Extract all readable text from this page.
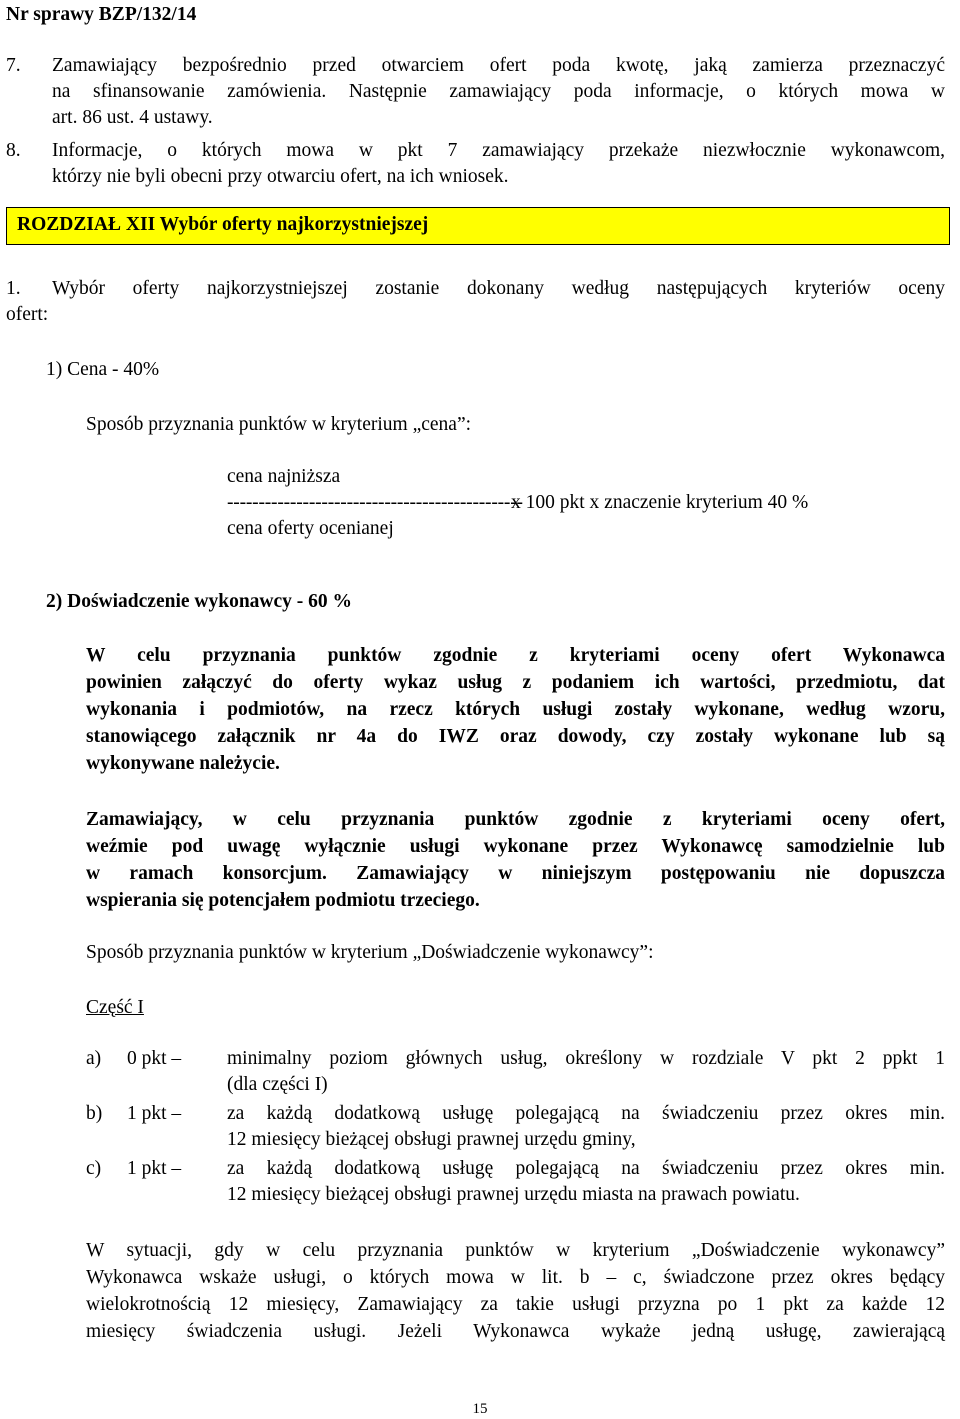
Nr sprawy BZP/132/14
7. Zamawiający bezpośrednio przed otwarciem ofert poda kwotę, jaką zamierza przeznaczyć
na sfinansowanie zamówienia. Następnie zamawiający poda informacje, o których mowa w
art. 86 ust. 4 ustawy.
8. Informacje, o których mowa w pkt 7 zamawiający przekaże niezwłocznie wykonawcom,
którzy nie byli obecni przy otwarciu ofert, na ich wniosek.
ROZDZIAŁ XII Wybór oferty najkorzystniejszej
1. Wybór oferty najkorzystniejszej zostanie dokonany według następujących kryteriów oceny
ofert:
1) Cena - 40%
Sposób przyznania punktów w kryterium „cena”:
cena najniższa
-----------------------------------------------
x 100 pkt x znaczenie kryterium 40 %
cena oferty ocenianej
2) Doświadczenie wykonawcy - 60 %
W celu przyznania punktów zgodnie z kryteriami oceny ofert Wykonawca
powinien załączyć do oferty wykaz usług z podaniem ich wartości, przedmiotu, dat
wykonania i podmiotów, na rzecz których usługi zostały wykonane, według wzoru,
stanowiącego załącznik nr 4a do IWZ oraz dowody, czy zostały wykonane lub są
wykonywane należycie.
Zamawiający, w celu przyznania punktów zgodnie z kryteriami oceny ofert,
weźmie pod uwagę wyłącznie usługi wykonane przez Wykonawcę samodzielnie lub
w ramach konsorcjum. Zamawiający w niniejszym postępowaniu nie dopuszcza
wspierania się potencjałem podmiotu trzeciego.
Sposób przyznania punktów w kryterium „Doświadczenie wykonawcy”:
Część I
a) 0 pkt – minimalny poziom głównych usług, określony w rozdziale V pkt 2 ppkt 1
(dla części I)
b) 1 pkt – za każdą dodatkową usługę polegającą na świadczeniu przez okres min.
12 miesięcy bieżącej obsługi prawnej urzędu gminy,
c) 1 pkt – za każdą dodatkową usługę polegającą na świadczeniu przez okres min.
12 miesięcy bieżącej obsługi prawnej urzędu miasta na prawach powiatu.
W sytuacji, gdy w celu przyznania punktów w kryterium „Doświadczenie wykonawcy”
Wykonawca wskaże usługi, o których mowa w lit. b – c, świadczone przez okres będący
wielokrotnością 12 miesięcy, Zamawiający za takie usługi przyzna po 1 pkt za każde 12
miesięcy świadczenia usługi. Jeżeli Wykonawca wykaże jedną usługę, zawierającą
15
